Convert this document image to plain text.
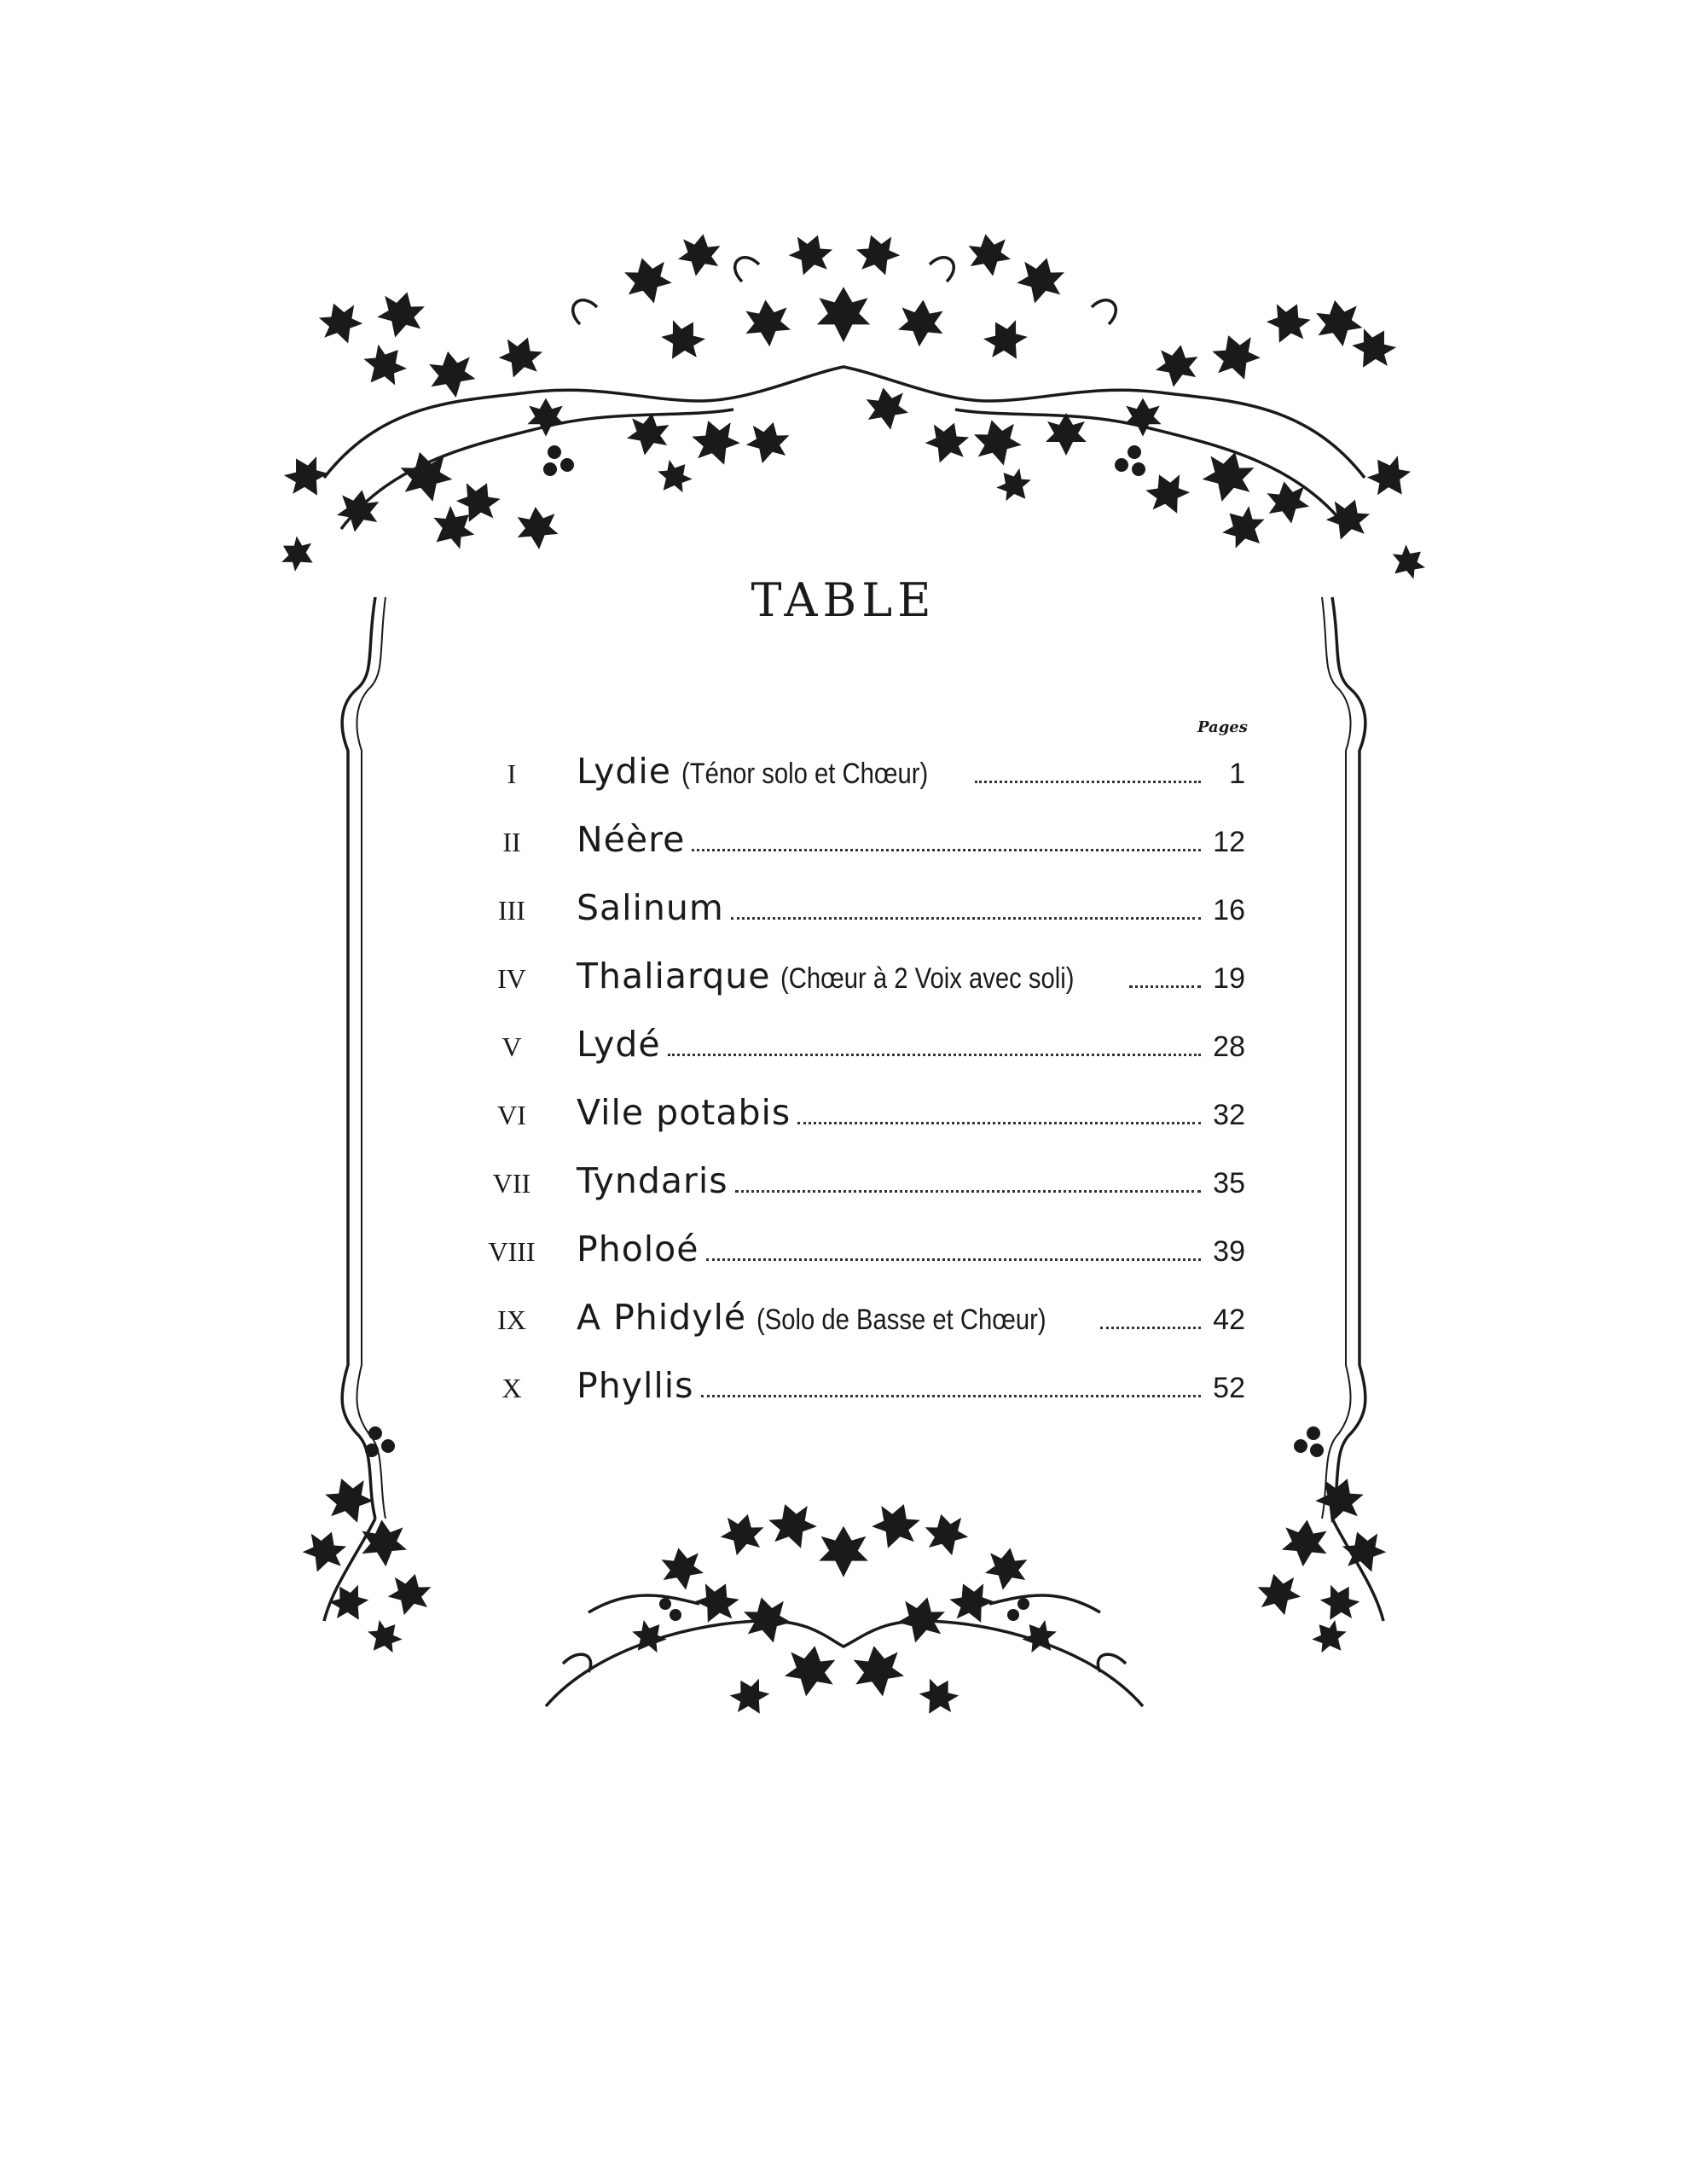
TABLE
Pages
I	Lydie (Ténor solo et Chœur)	1
II	Néère	12
III	Salinum	16
IV	Thaliarque (Chœur à 2 Voix avec soli)	19
V	Lydé	28
VI	Vile potabis	32
VII	Tyndaris	35
VIII	Pholoé	39
IX	A Phidylé (Solo de Basse et Chœur)	42
X	Phyllis	52
